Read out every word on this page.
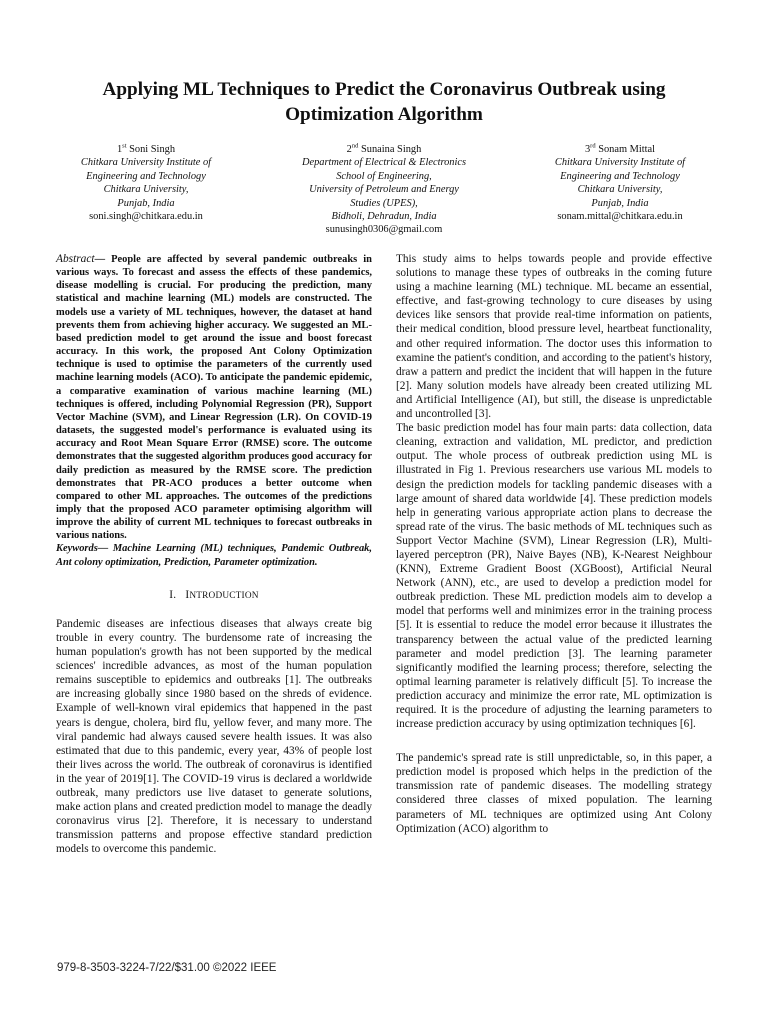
Applying ML Techniques to Predict the Coronavirus Outbreak using Optimization Algorithm
1st Soni Singh
Chitkara University Institute of
Engineering and Technology
Chitkara University,
Punjab, India
soni.singh@chitkara.edu.in
2nd Sunaina Singh
Department of Electrical & Electronics
School of Engineering,
University of Petroleum and Energy
Studies (UPES),
Bidholi, Dehradun, India
sunusingh0306@gmail.com
3rd Sonam Mittal
Chitkara University Institute of
Engineering and Technology
Chitkara University,
Punjab, India
sonam.mittal@chitkara.edu.in

Abstract— People are affected by several pandemic outbreaks in various ways. To forecast and assess the effects of these pandemics, disease modelling is crucial. For producing the prediction, many statistical and machine learning (ML) models are constructed. The models use a variety of ML techniques, however, the dataset at hand prevents them from achieving higher accuracy. We suggested an ML-based prediction model to get around the issue and boost forecast accuracy. In this work, the proposed Ant Colony Optimization technique is used to optimise the parameters of the currently used machine learning models (ACO). To anticipate the pandemic epidemic, a comparative examination of various machine learning (ML) techniques is offered, including Polynomial Regression (PR), Support Vector Machine (SVM), and Linear Regression (LR). On COVID-19 datasets, the suggested model's performance is evaluated using its accuracy and Root Mean Square Error (RMSE) score. The outcome demonstrates that the suggested algorithm produces good accuracy for daily prediction as measured by the RMSE score. The prediction demonstrates that PR-ACO produces a better outcome when compared to other ML approaches. The outcomes of the predictions imply that the proposed ACO parameter optimising algorithm will improve the ability of current ML techniques to forecast outbreaks in various nations.

Keywords— Machine Learning (ML) techniques, Pandemic Outbreak, Ant colony optimization, Prediction, Parameter optimization.

I. INTRODUCTION

Pandemic diseases are infectious diseases that always create big trouble in every country. The burdensome rate of increasing the human population's growth has not been supported by the medical sciences' incredible advances, as most of the human population remains susceptible to epidemics and outbreaks [1]. The outbreaks are increasing globally since 1980 based on the shreds of evidence. Example of well-known viral epidemics that happened in the past years is dengue, cholera, bird flu, yellow fever, and many more. The viral pandemic had always caused severe health issues. It was also estimated that due to this pandemic, every year, 43% of people lost their lives across the world. The outbreak of coronavirus is identified in the year of 2019[1]. The COVID-19 virus is declared a worldwide outbreak, many predictors use live dataset to generate solutions, make action plans and created prediction model to manage the deadly coronavirus virus [2]. Therefore, it is necessary to understand transmission patterns and propose effective standard prediction models to overcome this pandemic.

This study aims to helps towards people and provide effective solutions to manage these types of outbreaks in the coming future using a machine learning (ML) technique. ML became an essential, effective, and fast-growing technology to cure diseases by using devices like sensors that provide real-time information on patients, their medical condition, blood pressure level, heartbeat functionality, and other required information. The doctor uses this information to examine the patient's condition, and according to the patient's history, draw a pattern and predict the incident that will happen in the future [2]. Many solution models have already been created utilizing ML and Artificial Intelligence (AI), but still, the disease is unpredictable and uncontrolled [3].

The basic prediction model has four main parts: data collection, data cleaning, extraction and validation, ML predictor, and prediction output. The whole process of outbreak prediction using ML is illustrated in Fig 1. Previous researchers use various ML models to design the prediction models for tackling pandemic diseases with a large amount of shared data worldwide [4]. These prediction models help in generating various appropriate action plans to decrease the spread rate of the virus. The basic methods of ML techniques such as Support Vector Machine (SVM), Linear Regression (LR), Multi-layered perceptron (PR), Naive Bayes (NB), K-Nearest Neighbour (KNN), Extreme Gradient Boost (XGBoost), Artificial Neural Network (ANN), etc., are used to develop a prediction model for outbreak prediction. These ML prediction models aim to develop a model that performs well and minimizes error in the training process [5]. It is essential to reduce the model error because it illustrates the transparency between the actual value of the predicted learning parameter and model prediction [3]. The learning parameter significantly modified the learning process; therefore, selecting the optimal learning parameter is relatively difficult [5]. To increase the prediction accuracy and minimize the error rate, ML optimization is required. It is the procedure of adjusting the learning parameters to increase prediction accuracy by using optimization techniques [6].

The pandemic's spread rate is still unpredictable, so, in this paper, a prediction model is proposed which helps in the prediction of the transmission rate of pandemic diseases. The modelling strategy considered three classes of mixed population. The learning parameters of ML techniques are optimized using Ant Colony Optimization (ACO) algorithm to

979-8-3503-3224-7/22/$31.00 ©2022 IEEE
